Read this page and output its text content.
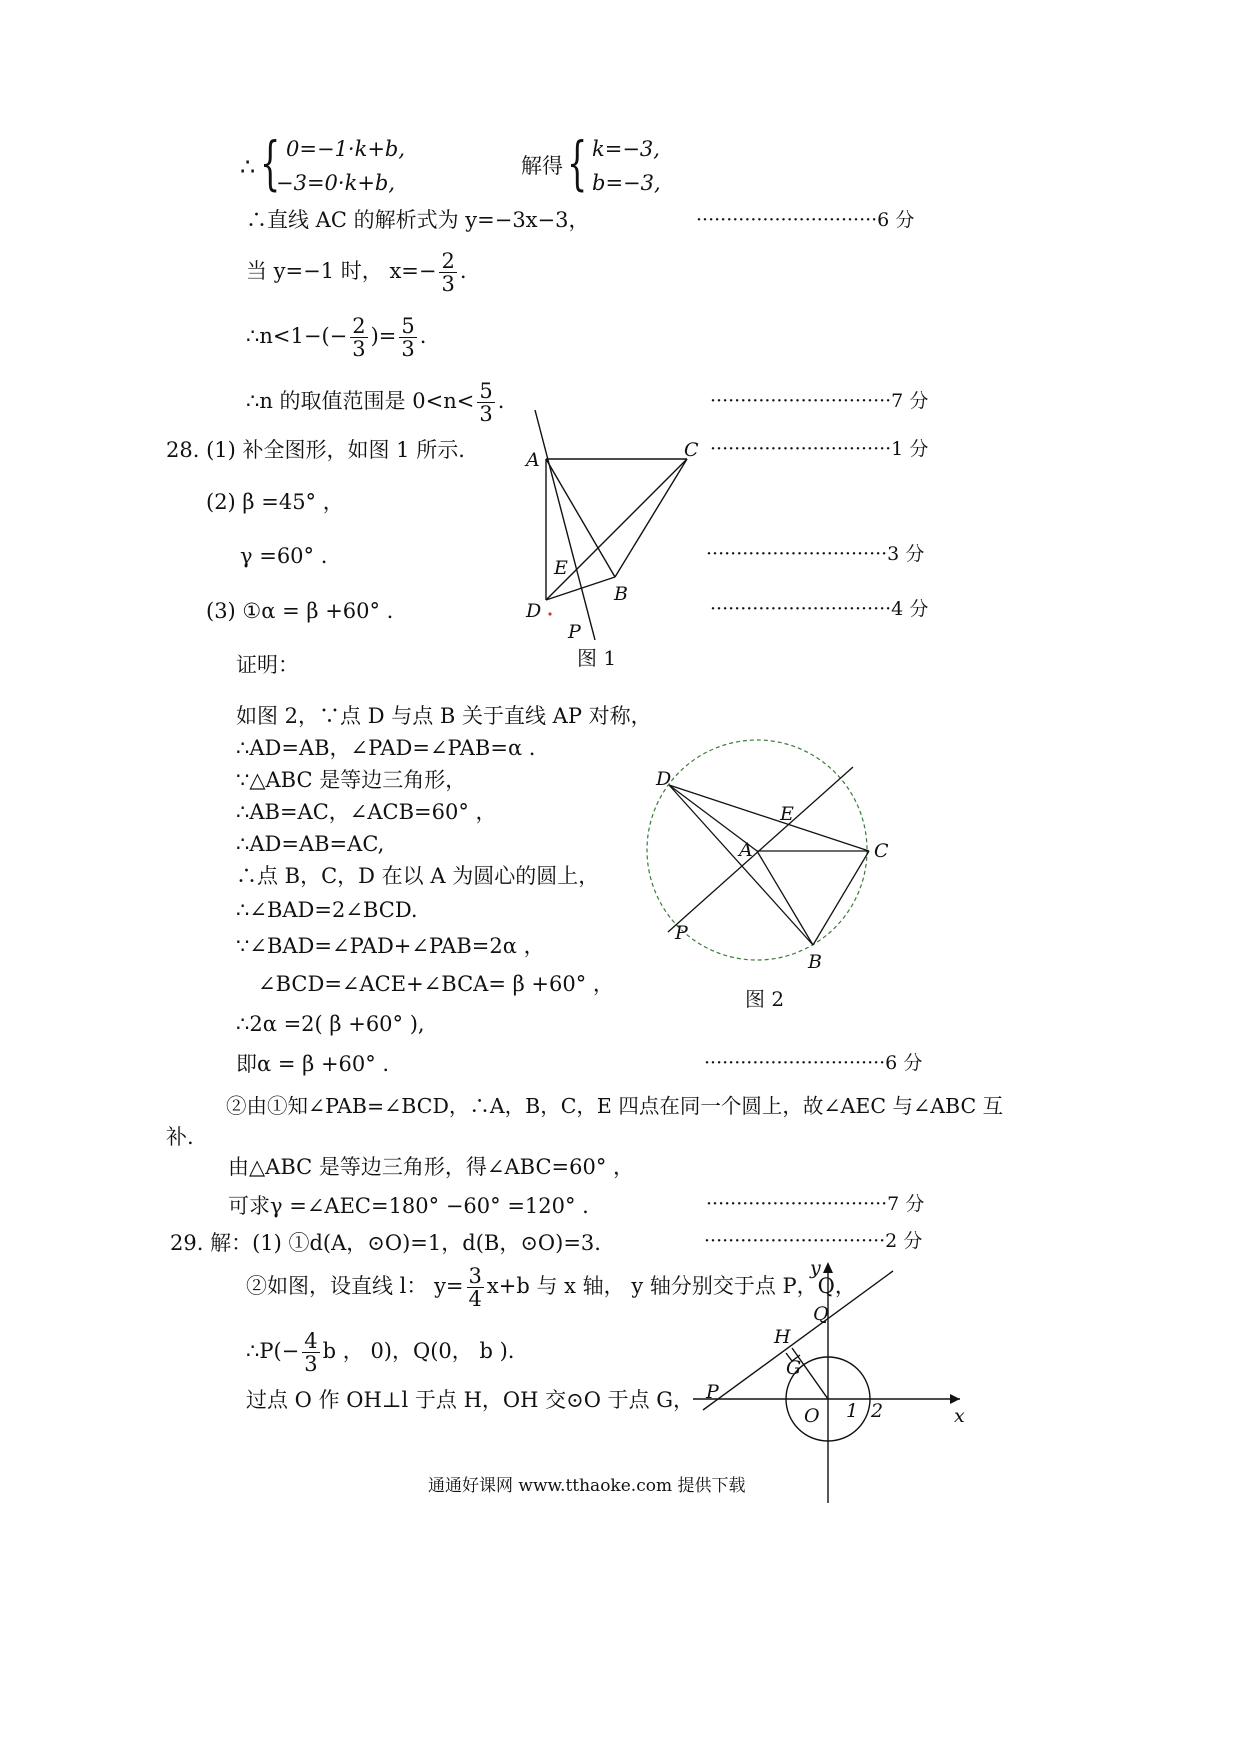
∴ { 0=−1·k+b,
−3=0·k+b,
解得 { k=−3,
b=−3,
∴直线 AC 的解析式为 y=−3x−3，	······························6 分
当 y=−1 时， $x=- \frac{2}{3}$ .
∴n<1−(− $\frac{2}{3}$ )= $\frac{5}{3}$ .
∴n 的取值范围是 $0<n< \frac{5}{3}$ .	······························7 分
28. (1) 补全图形，如图 1 所示.	······························1 分
(2) β =45° ，
γ =60° .	······························3 分
(3) ①α = β +60° .	······························4 分
证明：
如图 2，∵点 D 与点 B 关于直线 AP 对称，
∴AD=AB，∠PAD=∠PAB=α .
∵△ABC 是等边三角形，
∴AB=AC，∠ACB=60° ，
∴AD=AB=AC,
∴点 B，C，D 在以 A 为圆心的圆上，
∴∠BAD=2∠BCD.
∵∠BAD=∠PAD+∠PAB=2α ，
∠BCD=∠ACE+∠BCA= β +60° ，
∴2α =2( β +60° ),
即α = β +60° .	······························6 分
②由①知∠PAB=∠BCD，∴A，B，C，E 四点在同一个圆上，故∠AEC 与∠ABC 互
补.
由△ABC 是等边三角形，得∠ABC=60° ，
可求γ =∠AEC=180° −60° =120° .	······························7 分
A	C
E
B
D
P
图 1
D
E
A	C
P
B
图 2
29. 解：(1) ①d(A，⊙O)=1，d(B，⊙O)=3.	······························2 分
②如图，设直线 l： $y= \frac{3}{4} x+b$ 与 x 轴， y 轴分别交于点 P，Q，
∴P(− $\frac{4}{3}$ b ， 0)，Q(0， b ).
过点 O 作 OH⊥l 于点 H，OH 交⊙O 于点 G，
y
x
Q
H
G
P
O 1 2
通通好课网 www.tthaoke.com 提供下载
